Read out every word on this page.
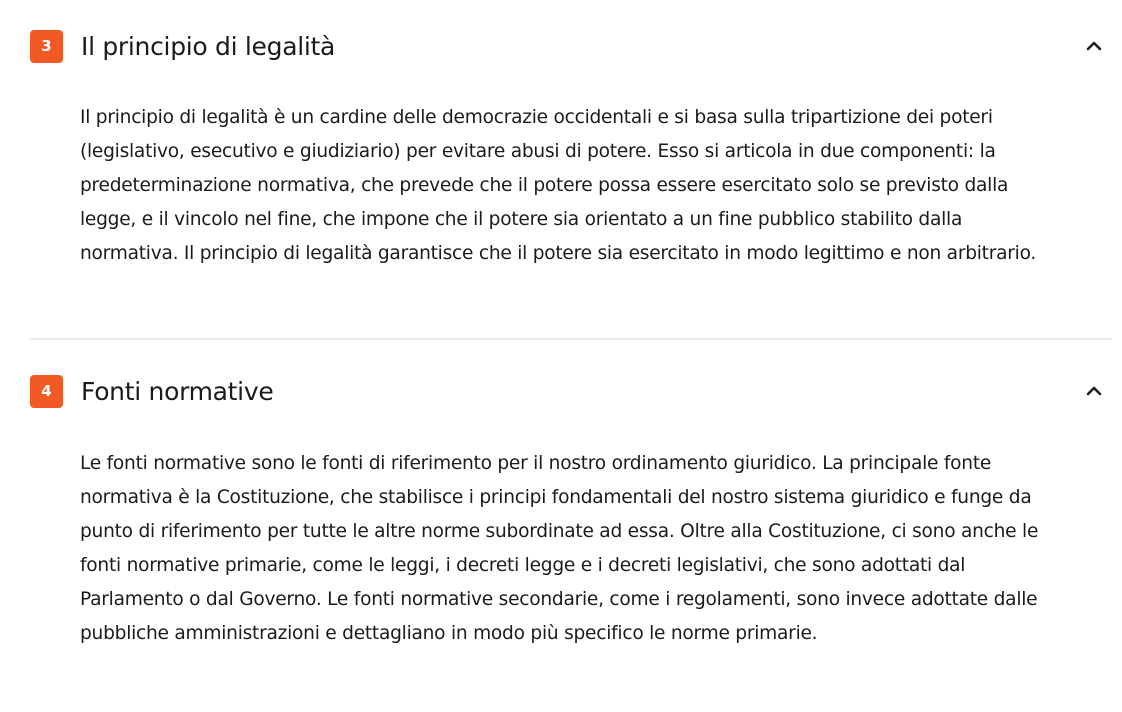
3	Il principio di legalità

Il principio di legalità è un cardine delle democrazie occidentali e si basa sulla tripartizione dei poteri (legislativo, esecutivo e giudiziario) per evitare abusi di potere. Esso si articola in due componenti: la predeterminazione normativa, che prevede che il potere possa essere esercitato solo se previsto dalla legge, e il vincolo nel fine, che impone che il potere sia orientato a un fine pubblico stabilito dalla normativa. Il principio di legalità garantisce che il potere sia esercitato in modo legittimo e non arbitrario.

4	Fonti normative

Le fonti normative sono le fonti di riferimento per il nostro ordinamento giuridico. La principale fonte normativa è la Costituzione, che stabilisce i principi fondamentali del nostro sistema giuridico e funge da punto di riferimento per tutte le altre norme subordinate ad essa. Oltre alla Costituzione, ci sono anche le fonti normative primarie, come le leggi, i decreti legge e i decreti legislativi, che sono adottati dal Parlamento o dal Governo. Le fonti normative secondarie, come i regolamenti, sono invece adottate dalle pubbliche amministrazioni e dettagliano in modo più specifico le norme primarie.
